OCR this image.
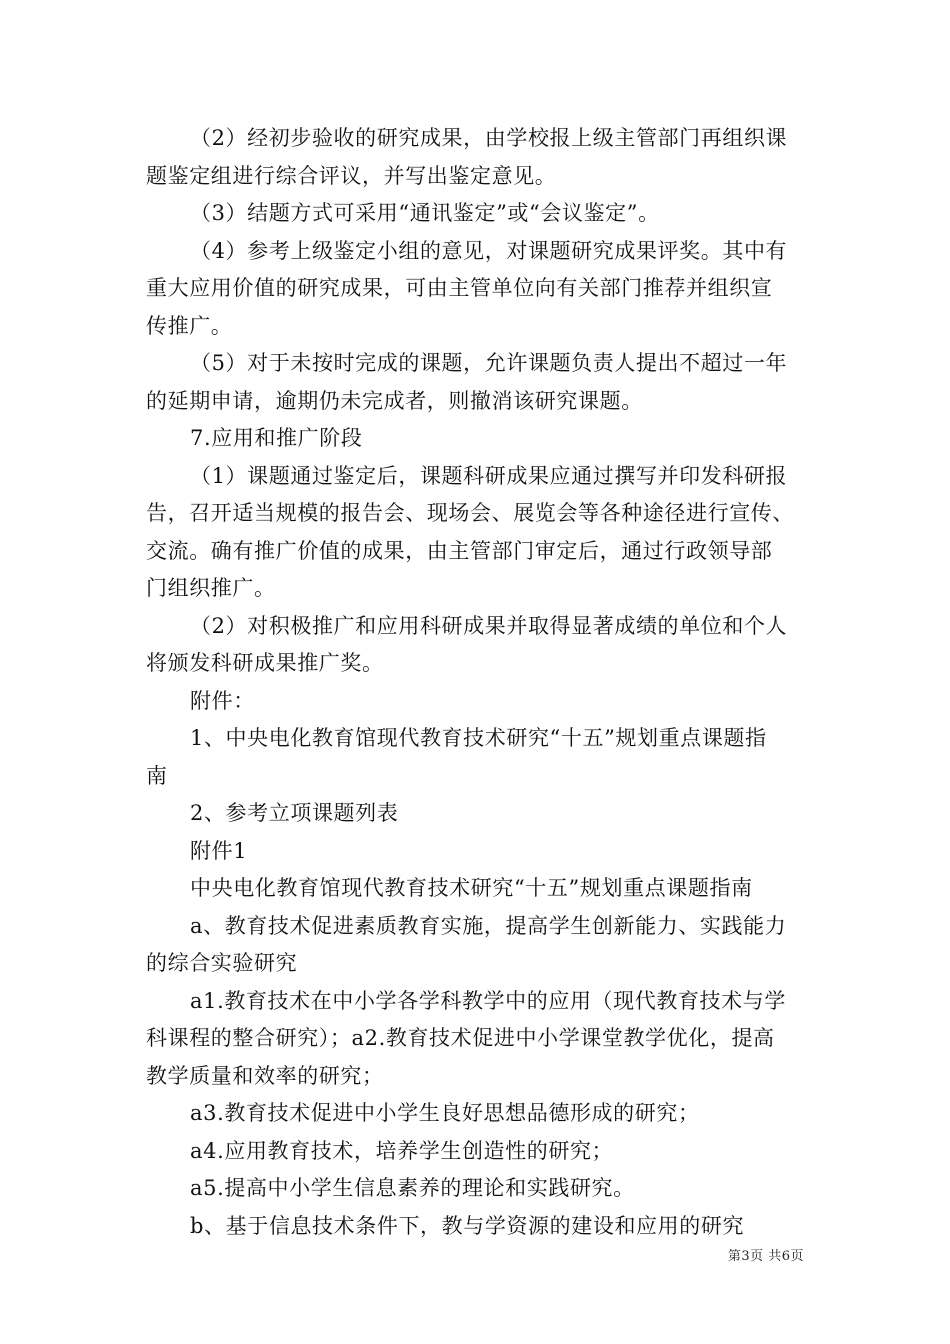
（2）经初步验收的研究成果，由学校报上级主管部门再组织课
题鉴定组进行综合评议，并写出鉴定意见。
（3）结题方式可采用“通讯鉴定”或“会议鉴定”。
（4）参考上级鉴定小组的意见，对课题研究成果评奖。其中有
重大应用价值的研究成果，可由主管单位向有关部门推荐并组织宣
传推广。
（5）对于未按时完成的课题，允许课题负责人提出不超过一年
的延期申请，逾期仍未完成者，则撤消该研究课题。
7.应用和推广阶段
（1）课题通过鉴定后，课题科研成果应通过撰写并印发科研报
告，召开适当规模的报告会、现场会、展览会等各种途径进行宣传、
交流。确有推广价值的成果，由主管部门审定后，通过行政领导部
门组织推广。
（2）对积极推广和应用科研成果并取得显著成绩的单位和个人
将颁发科研成果推广奖。
附件：
1、中央电化教育馆现代教育技术研究“十五”规划重点课题指
南
2、参考立项课题列表
附件1
中央电化教育馆现代教育技术研究“十五”规划重点课题指南
a、教育技术促进素质教育实施，提高学生创新能力、实践能力
的综合实验研究
a1.教育技术在中小学各学科教学中的应用（现代教育技术与学
科课程的整合研究）；a2.教育技术促进中小学课堂教学优化，提高
教学质量和效率的研究；
a3.教育技术促进中小学生良好思想品德形成的研究；
a4.应用教育技术，培养学生创造性的研究；
a5.提高中小学生信息素养的理论和实践研究。
b、基于信息技术条件下，教与学资源的建设和应用的研究
第3页 共6页
